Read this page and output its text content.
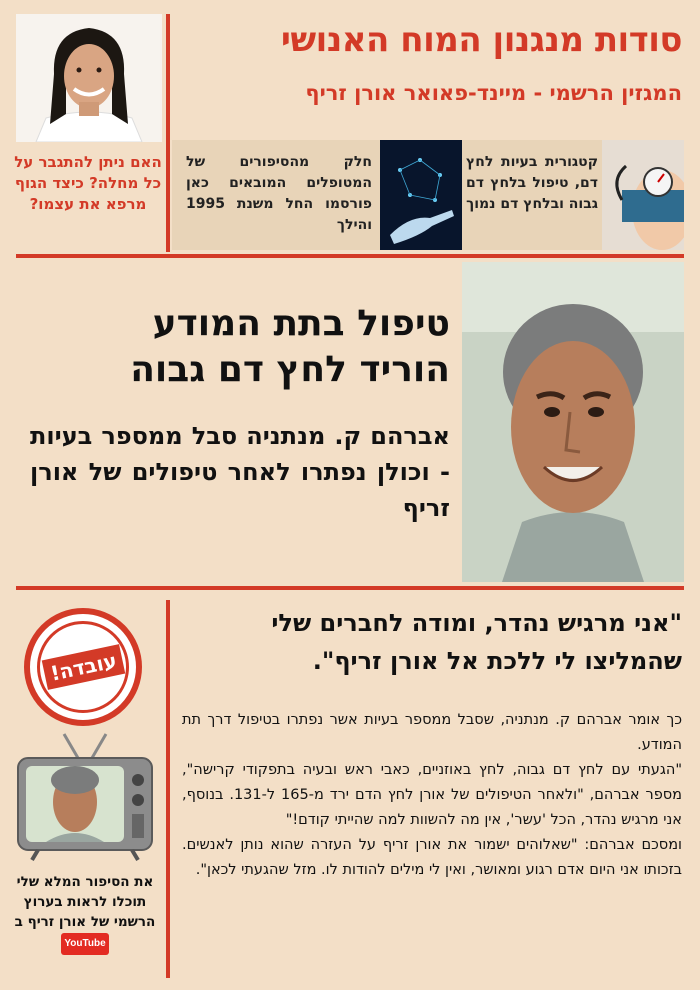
סודות מנגנון המוח האנושי
המגזין הרשמי - מיינד-פאואר אורן זריף
האם ניתן להתגבר על כל מחלה? כיצד הגוף מרפא את עצמו?
קטגורית בעיות לחץ דם, טיפול בלחץ דם גבוה ובלחץ דם נמוך
חלק מהסיפורים של המטופלים המובאים כאן פורסמו החל משנת 1995 והילך
טיפול בתת המודע
הוריד לחץ דם גבוה
אברהם ק. מנתניה סבל ממספר בעיות - וכולן נפתרו לאחר טיפולים של אורן זריף
"אני מרגיש נהדר, ומודה לחברים שלי שהמליצו לי ללכת אל אורן זריף".

כך אומר אברהם ק. מנתניה, שסבל ממספר בעיות אשר נפתרו בטיפול דרך תת המודע.

"הגעתי עם לחץ דם גבוה, לחץ באוזניים, כאבי ראש ובעיה בתפקודי קרישה", מספר אברהם, "ולאחר הטיפולים של אורן לחץ הדם ירד מ-165 ל-131. בנוסף, אני מרגיש נהדר, הכל 'עשר', אין מה להשוות למה שהייתי קודם!"

ומסכם אברהם: "שאלוהים ישמור את אורן זריף על העזרה שהוא נותן לאנשים. בזכותו אני היום אדם רגוע ומאושר, ואין לי מילים להודות לו. מזל שהגעתי לכאן".

עובדה!
את הסיפור המלא שלי תוכלו לראות בערוץ הרשמי של אורן זריף ב YouTube
